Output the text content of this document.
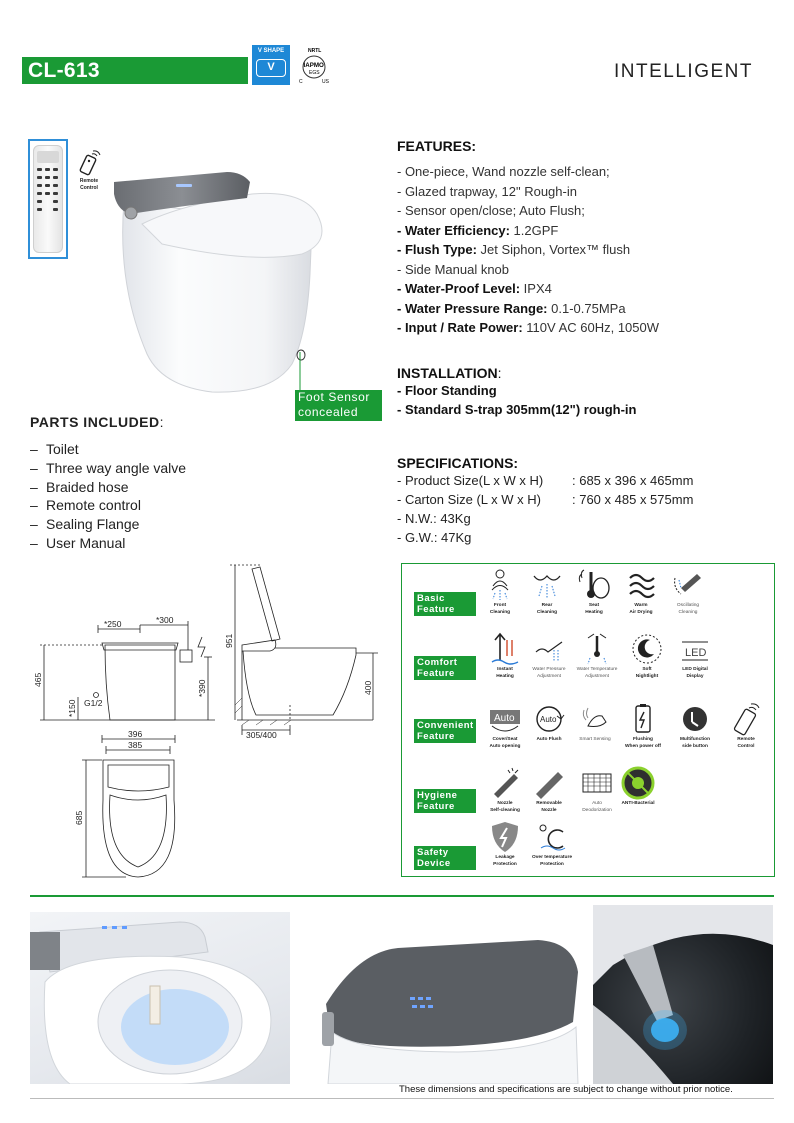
CL-613
V SHAPE
V
NRTL
IAPMO
EGS
C	US	INTELLIGENT
Remote
Control
Foot Sensor
concealed
FEATURES:
- One-piece, Wand nozzle self-clean;
- Glazed trapway, 12" Rough-in
- Sensor open/close; Auto Flush;
- Water Efficiency: 1.2GPF
- Flush Type: Jet Siphon, Vortex™ flush
- Side Manual knob
- Water-Proof Level: IPX4
- Water Pressure Range: 0.1-0.75MPa
- Input / Rate Power: 110V AC 60Hz, 1050W
INSTALLATION:
- Floor Standing
- Standard S-trap 305mm(12") rough-in
SPECIFICATIONS:
- Product Size(L x W x H) : 685 x 396 x 465mm
- Carton Size (L x W x H) : 760 x 485 x 575mm
- N.W.: 43Kg
- G.W.: 47Kg
PARTS INCLUDED:
– Toilet
– Three way angle valve
– Braided hose
– Remote control
– Sealing Flange
– User Manual
*250	*300
465
*150 G1/2
*390
951
400
305/400
396
385
685
Basic
Feature
Comfort
Feature
Convenient
Feature
Hygiene
Feature
Safety
Device
Front
Cleaning
Rear
Cleaning
Seat
Heating
Warm
Air Drying
Oscillating
Cleaning
Instant
Heating
Water Pressure
Adjustment
Water Temperature
Adjustment
Soft
Nightlight
LED
LED Digital
Display
Auto
Cover/Seat
Auto opening
Auto
Auto Flush	Smart Sensing	Flushing
When power off
Multifunction
side button
Remote
Control
Nozzle
Self-cleaning
Removable
Nozzle
Auto
Deodorization
ANTI-Bacterial
Leakage
Protection
Over temperature
Protection
These dimensions and specifications are subject to change without prior notice.
